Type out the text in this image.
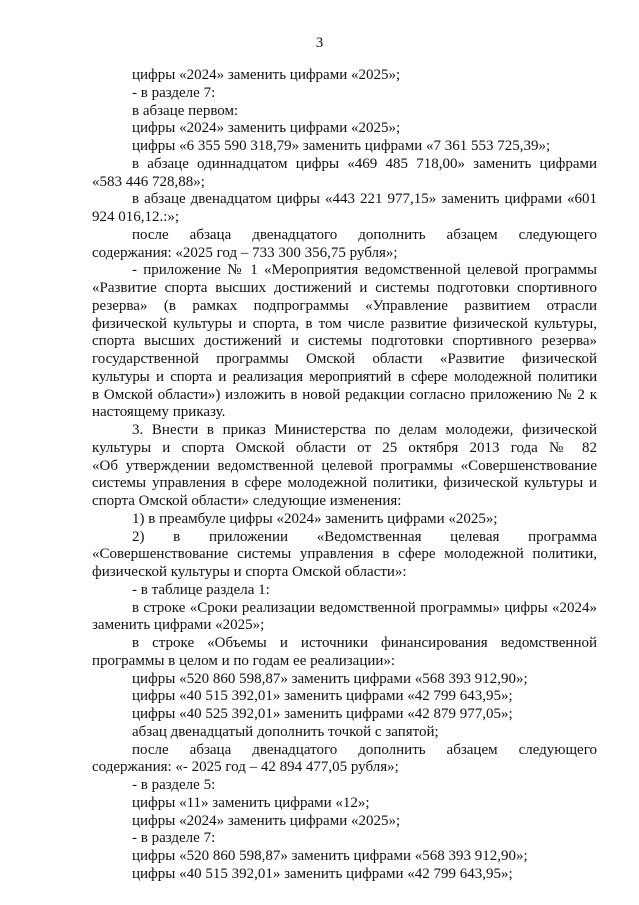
3
цифры «2024» заменить цифрами «2025»;
- в разделе 7:
в абзаце первом:
цифры «2024» заменить цифрами «2025»;
цифры «6 355 590 318,79» заменить цифрами «7 361 553 725,39»;
в абзаце одиннадцатом цифры «469 485 718,00» заменить цифрами
«583 446 728,88»;
в абзаце двенадцатом цифры «443 221 977,15» заменить цифрами «601
924 016,12.:»;
после абзаца двенадцатого дополнить абзацем следующего
содержания: «2025 год – 733 300 356,75 рубля»;
- приложение № 1 «Мероприятия ведомственной целевой программы
«Развитие спорта высших достижений и системы подготовки спортивного
резерва» (в рамках подпрограммы «Управление развитием отрасли
физической культуры и спорта, в том числе развитие физической культуры,
спорта высших достижений и системы подготовки спортивного резерва»
государственной программы Омской области «Развитие физической
культуры и спорта и реализация мероприятий в сфере молодежной политики
в Омской области») изложить в новой редакции согласно приложению № 2 к
настоящему приказу.
3. Внести в приказ Министерства по делам молодежи, физической
культуры и спорта Омской области от 25 октября 2013 года № 82
«Об утверждении ведомственной целевой программы «Совершенствование
системы управления в сфере молодежной политики, физической культуры и
спорта Омской области» следующие изменения:
1) в преамбуле цифры «2024» заменить цифрами «2025»;
2) в приложении «Ведомственная целевая программа
«Совершенствование системы управления в сфере молодежной политики,
физической культуры и спорта Омской области»:
- в таблице раздела 1:
в строке «Сроки реализации ведомственной программы» цифры «2024»
заменить цифрами «2025»;
в строке «Объемы и источники финансирования ведомственной
программы в целом и по годам ее реализации»:
цифры «520 860 598,87» заменить цифрами «568 393 912,90»;
цифры «40 515 392,01» заменить цифрами «42 799 643,95»;
цифры «40 525 392,01» заменить цифрами «42 879 977,05»;
абзац двенадцатый дополнить точкой с запятой;
после абзаца двенадцатого дополнить абзацем следующего
содержания: «- 2025 год – 42 894 477,05 рубля»;
- в разделе 5:
цифры «11» заменить цифрами «12»;
цифры «2024» заменить цифрами «2025»;
- в разделе 7:
цифры «520 860 598,87» заменить цифрами «568 393 912,90»;
цифры «40 515 392,01» заменить цифрами «42 799 643,95»;
